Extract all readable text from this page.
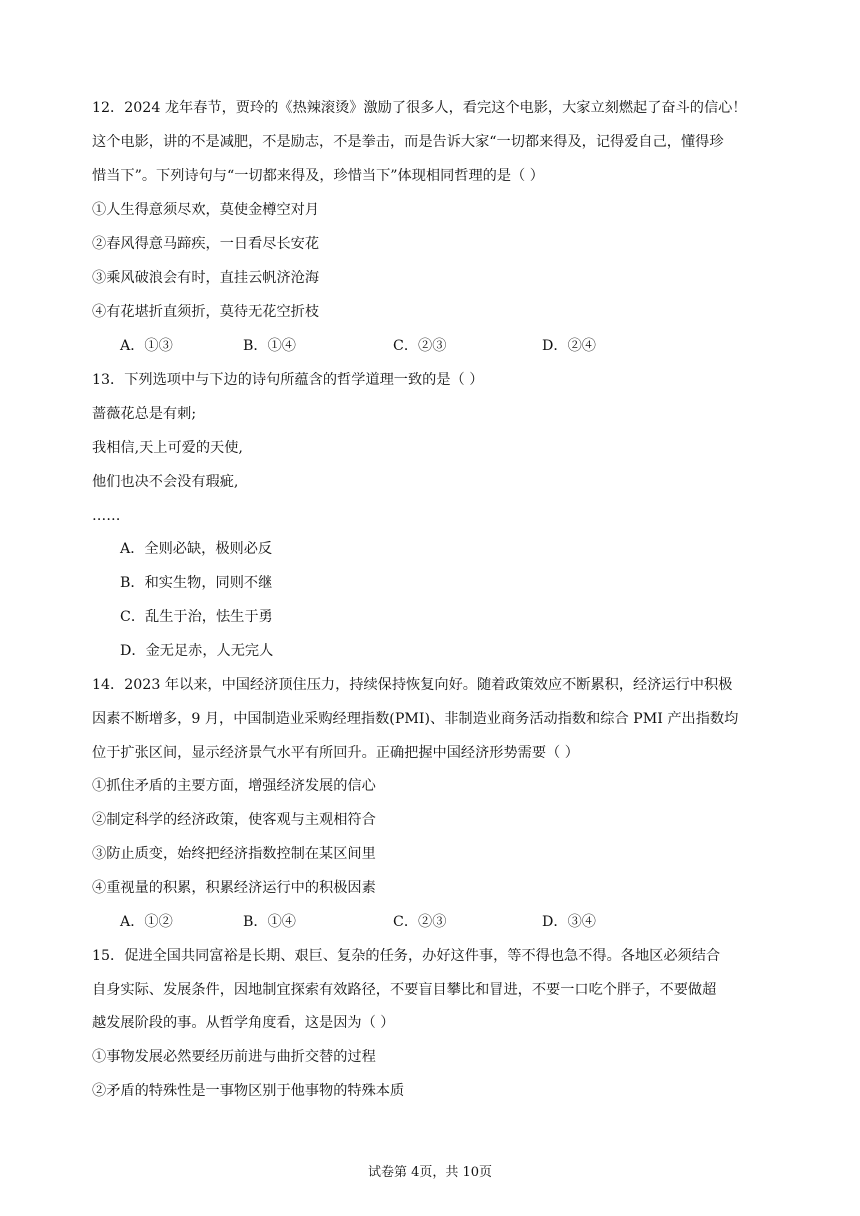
12．2024 龙年春节，贾玲的《热辣滚烫》激励了很多人，看完这个电影，大家立刻燃起了奋斗的信心！
这个电影，讲的不是减肥，不是励志，不是拳击，而是告诉大家“一切都来得及，记得爱自己，懂得珍
惜当下”。下列诗句与“一切都来得及，珍惜当下”体现相同哲理的是（ ）
①人生得意须尽欢，莫使金樽空对月
②春风得意马蹄疾，一日看尽长安花
③乘风破浪会有时，直挂云帆济沧海
④有花堪折直须折，莫待无花空折枝
A．①③	B．①④	C．②③	D．②④
13．下列选项中与下边的诗句所蕴含的哲学道理一致的是（ ）
蔷薇花总是有刺;
我相信,天上可爱的天使,
他们也决不会没有瑕疵,
……
A．全则必缺，极则必反
B．和实生物，同则不继
C．乱生于治，怯生于勇
D．金无足赤，人无完人
14．2023 年以来，中国经济顶住压力，持续保持恢复向好。随着政策效应不断累积，经济运行中积极
因素不断增多，9 月，中国制造业采购经理指数(PMI)、非制造业商务活动指数和综合 PMI 产出指数均
位于扩张区间，显示经济景气水平有所回升。正确把握中国经济形势需要（ ）
①抓住矛盾的主要方面，增强经济发展的信心
②制定科学的经济政策，使客观与主观相符合
③防止质变，始终把经济指数控制在某区间里
④重视量的积累，积累经济运行中的积极因素
A．①②	B．①④	C．②③	D．③④
15．促进全国共同富裕是长期、艰巨、复杂的任务，办好这件事，等不得也急不得。各地区必须结合
自身实际、发展条件，因地制宜探索有效路径，不要盲目攀比和冒进，不要一口吃个胖子，不要做超
越发展阶段的事。从哲学角度看，这是因为（ ）
①事物发展必然要经历前进与曲折交替的过程
②矛盾的特殊性是一事物区别于他事物的特殊本质
试卷第 4页，共 10页
